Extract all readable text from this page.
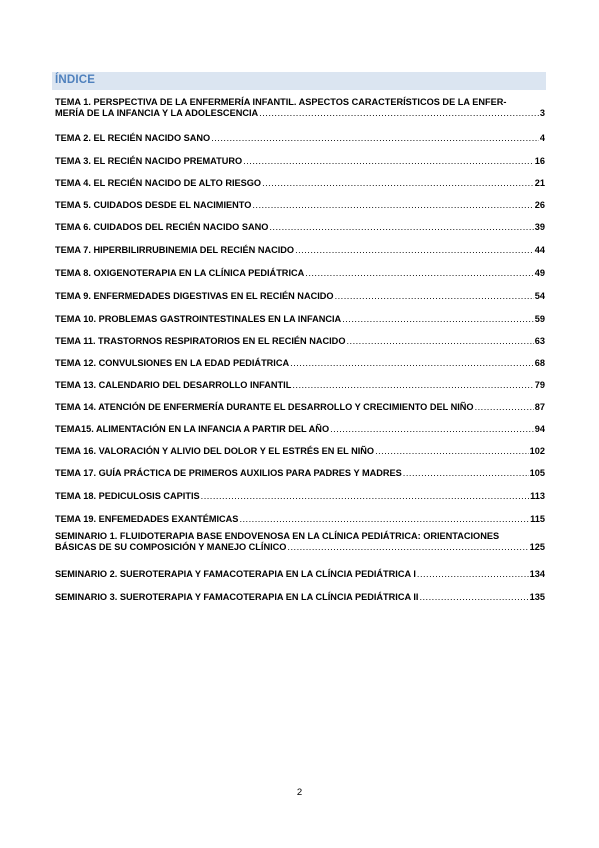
ÍNDICE
TEMA 1. PERSPECTIVA DE LA ENFERMERÍA INFANTIL. ASPECTOS CARACTERÍSTICOS DE LA ENFER-
MERÍA DE LA INFANCIA Y LA ADOLESCENCIA .....	3
TEMA 2. EL RECIÉN NACIDO SANO .....	4
TEMA 3. EL RECIÉN NACIDO PREMATURO .....	16
TEMA 4. EL RECIÉN NACIDO DE ALTO RIESGO .....	21
TEMA 5. CUIDADOS DESDE EL NACIMIENTO .....	26
TEMA 6. CUIDADOS DEL RECIÉN NACIDO SANO .....	39
TEMA 7. HIPERBILIRRUBINEMIA DEL RECIÉN NACIDO .....	44
TEMA 8. OXIGENOTERAPIA EN LA CLÍNICA PEDIÁTRICA .....	49
TEMA 9. ENFERMEDADES DIGESTIVAS EN EL RECIÉN NACIDO .....	54
TEMA 10. PROBLEMAS GASTROINTESTINALES EN LA INFANCIA .....	59
TEMA 11. TRASTORNOS RESPIRATORIOS EN EL RECIÉN NACIDO .....	63
TEMA 12. CONVULSIONES EN LA EDAD PEDIÁTRICA .....	68
TEMA 13. CALENDARIO DEL DESARROLLO INFANTIL .....	79
TEMA 14. ATENCIÓN DE ENFERMERÍA DURANTE EL DESARROLLO Y CRECIMIENTO DEL NIÑO .....	87
TEMA15. ALIMENTACIÓN EN LA INFANCIA A PARTIR DEL AÑO .....	94
TEMA 16. VALORACIÓN Y ALIVIO DEL DOLOR Y EL ESTRÉS EN EL NIÑO .....	102
TEMA 17. GUÍA PRÁCTICA DE PRIMEROS AUXILIOS PARA PADRES Y MADRES .....	105
TEMA 18. PEDICULOSIS CAPITIS .....	113
TEMA 19. ENFEMEDADES EXANTÉMICAS .....	115
SEMINARIO 1. FLUIDOTERAPIA BASE ENDOVENOSA EN LA CLÍNICA PEDIÁTRICA: ORIENTACIONES
BÁSICAS DE SU COMPOSICIÓN Y MANEJO CLÍNICO .....	125
SEMINARIO 2. SUEROTERAPIA Y FAMACOTERAPIA EN LA CLÍNCIA PEDIÁTRICA I .....	134
SEMINARIO 3. SUEROTERAPIA Y FAMACOTERAPIA EN LA CLÍNCIA PEDIÁTRICA II .....	135
2
